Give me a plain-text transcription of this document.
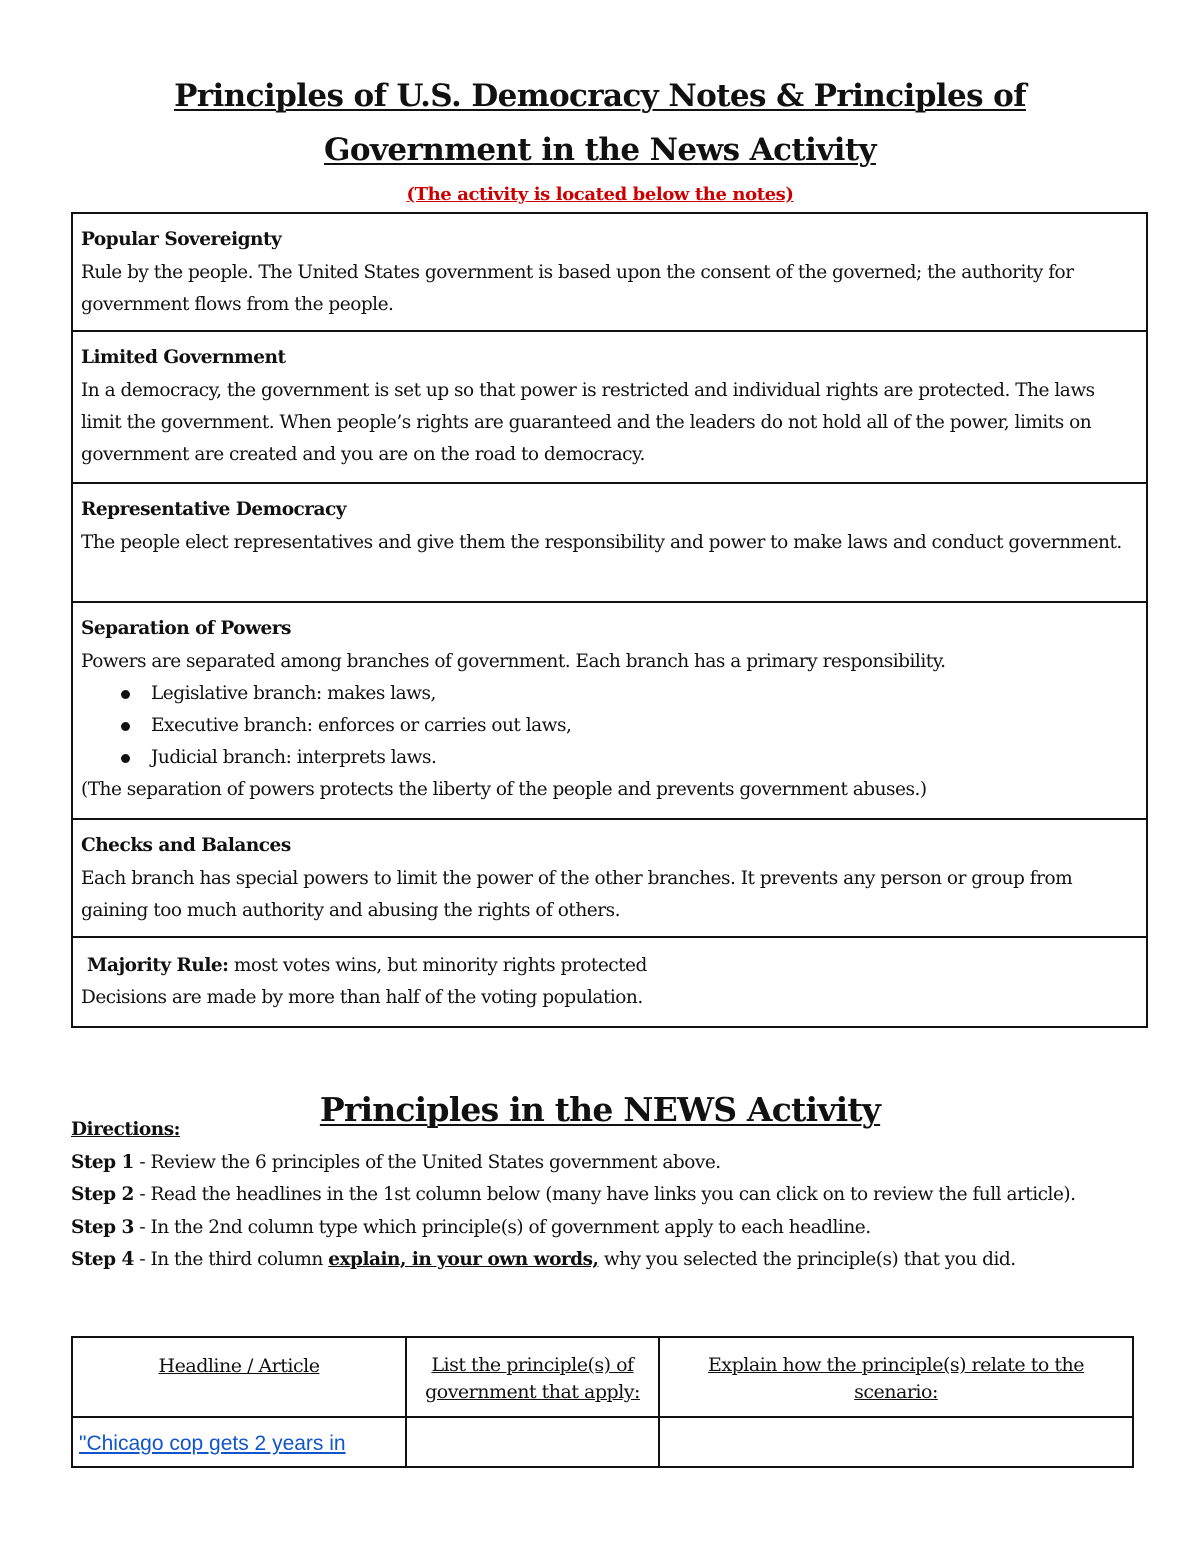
Principles of U.S. Democracy Notes & Principles of
Government in the News Activity
(The activity is located below the notes)
Popular Sovereignty

Rule by the people. The United States government is based upon the consent of the governed; the authority for government flows from the people.

Limited Government

In a democracy, the government is set up so that power is restricted and individual rights are protected. The laws limit the government. When people’s rights are guaranteed and the leaders do not hold all of the power, limits on government are created and you are on the road to democracy.

Representative Democracy

The people elect representatives and give them the responsibility and power to make laws and conduct government.

Separation of Powers

Powers are separated among branches of government. Each branch has a primary responsibility.

Legislative branch: makes laws,
Executive branch: enforces or carries out laws,
Judicial branch: interprets laws.

(The separation of powers protects the liberty of the people and prevents government abuses.)

Checks and Balances

Each branch has special powers to limit the power of the other branches. It prevents any person or group from gaining too much authority and abusing the rights of others.

Majority Rule: most votes wins, but minority rights protected

Decisions are made by more than half of the voting population.

Principles in the NEWS Activity

Directions:

Step 1 - Review the 6 principles of the United States government above.

Step 2 - Read the headlines in the 1st column below (many have links you can click on to review the full article).

Step 3 - In the 2nd column type which principle(s) of government apply to each headline.

Step 4 - In the third column explain, in your own words, why you selected the principle(s) that you did.

Headline / Article	List the principle(s) of government that apply:	Explain how the principle(s) relate to the scenario:
"Chicago cop gets 2 years in		
